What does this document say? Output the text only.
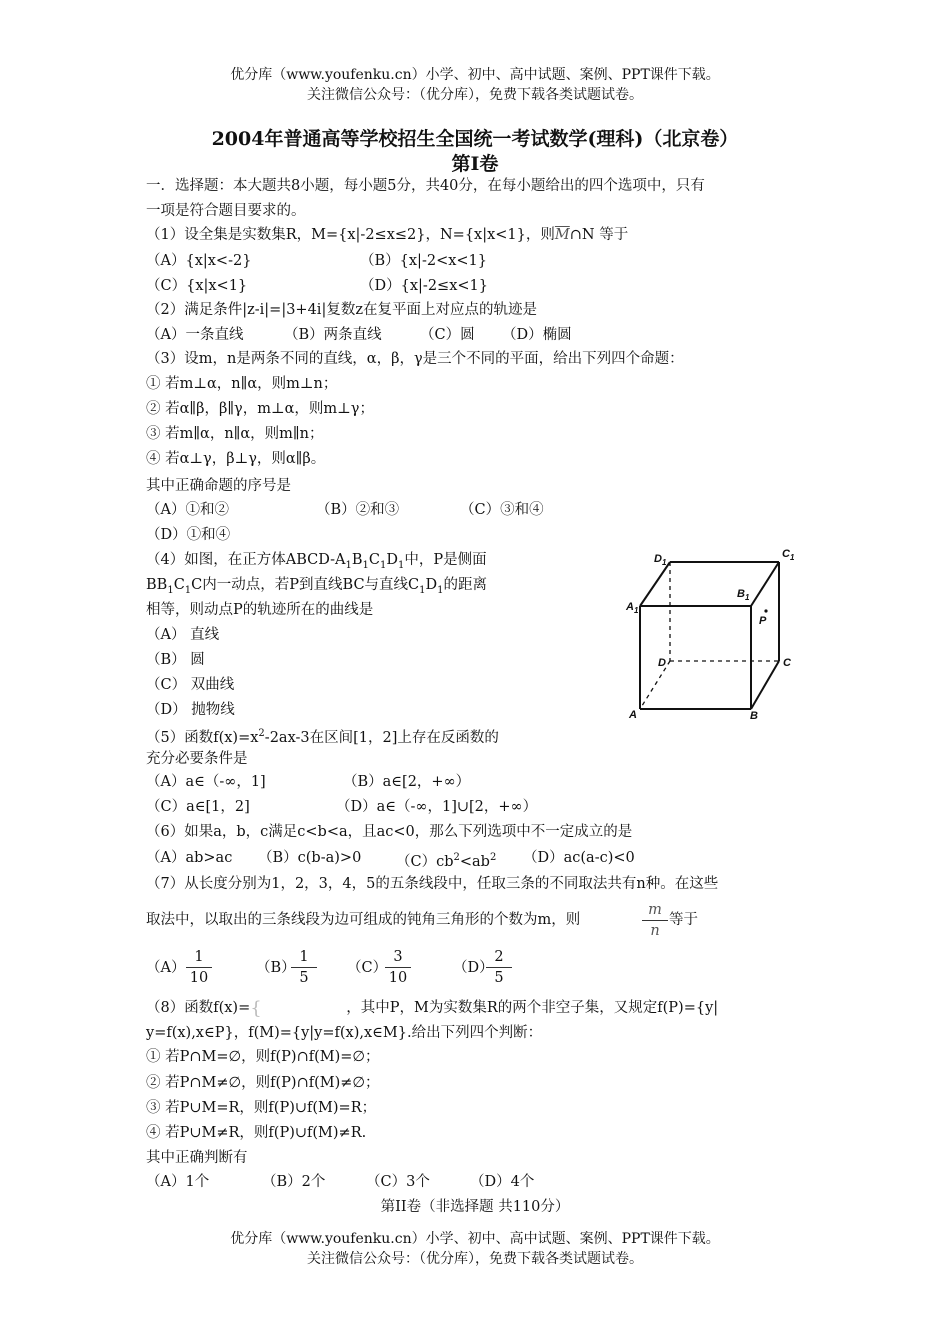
优分库（www.youfenku.cn）小学、初中、高中试题、案例、PPT课件下载。
关注微信公众号：（优分库），免费下载各类试题试卷。
2004年普通高等学校招生全国统一考试数学(理科)（北京卷）
第Ⅰ卷
一．选择题：本大题共8小题，每小题5分，共40分，在每小题给出的四个选项中，只有
一项是符合题目要求的。
（1）设全集是实数集R，M={x|-2≤x≤2}，N={x|x<1}，则$\overline{M}\cap N$ 等于
（A）{x|x<-2}	（B）{x|-2<x<1}
（C）{x|x<1}	（D）{x|-2≤x<1}
（2）满足条件|z-i|=|3+4i|复数z在复平面上对应点的轨迹是
（A）一条直线	（B）两条直线	（C）圆 （D）椭圆
（3）设m，n是两条不同的直线，α，β，γ是三个不同的平面，给出下列四个命题：
① 若m⊥α，n∥α，则m⊥n；
② 若α∥β，β∥γ，m⊥α，则m⊥γ；
③ 若m∥α，n∥α，则m∥n；
④ 若α⊥γ，β⊥γ，则α∥β。
其中正确命题的序号是
（A）①和②	（B）②和③	（C）③和④
（D）①和④
（4）如图，在正方体ABCD-$A_1B_1C_1D_1$中，P是侧面
$BB_1C_1C$内一动点，若P到直线BC与直线$C_1D_1$的距离
相等，则动点P的轨迹所在的曲线是
（A） 直线
（B） 圆
（C） 双曲线
（D） 抛物线
$D_1$
$C_1$
$A_1$
$B_1$
P
D	C
A	B
（5）函数$f(x)=x^2-2ax-3$在区间[1，2]上存在反函数的
充分必要条件是
（A）a∈（-∞，1]	（B）a∈[2，+∞）
（C）a∈[1，2]	（D）a∈（-∞，1]∪[2，+∞）
（6）如果a，b，c满足c<b<a，且ac<0，那么下列选项中不一定成立的是
（A）ab>ac （B）c(b-a)>0 $(C)cb^2<ab^2$ （D）ac(a-c)<0
（7）从长度分别为1，2，3，4，5的五条线段中，任取三条的不同取法共有n种。在这些
取法中，以取出的三条线段为边可组成的钝角三角形的个数为m，则
m
n
等于
（A）
1
10
（B）
1
5
（C）
3
10
（D）
2
5
（8）函数f(x)={	，其中P，M为实数集R的两个非空子集，又规定f(P)={y|
y=f(x),x∈P}，f(M)={y|y=f(x),x∈M}.给出下列四个判断：
① 若P∩M=∅，则f(P)∩f(M)=∅；
② 若P∩M≠∅，则f(P)∩f(M)≠∅；
③ 若P∪M=R，则f(P)∪f(M)=R；
④ 若P∪M≠R，则f(P)∪f(M)≠R.
其中正确判断有
（A）1个	（B）2个	（C）3个	（D）4个
第II卷（非选择题 共110分）
优分库（www.youfenku.cn）小学、初中、高中试题、案例、PPT课件下载。
关注微信公众号：（优分库），免费下载各类试题试卷。
